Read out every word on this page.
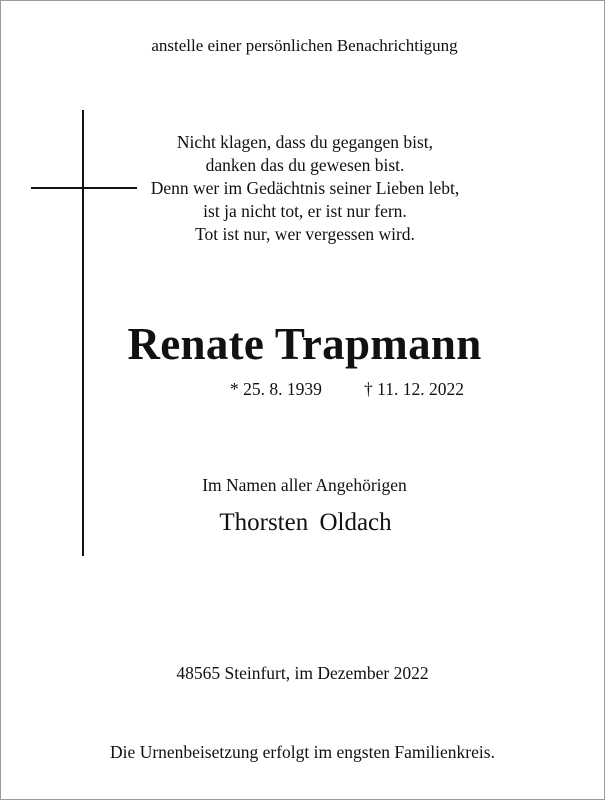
anstelle einer persönlichen Benachrichtigung
Nicht klagen, dass du gegangen bist,
danken das du gewesen bist.
Denn wer im Gedächtnis seiner Lieben lebt,
ist ja nicht tot, er ist nur fern.
Tot ist nur, wer vergessen wird.
Renate Trapmann
* 25. 8. 1939 † 11. 12. 2022
Im Namen aller Angehörigen
Thorsten Oldach
48565 Steinfurt, im Dezember 2022
Die Urnenbeisetzung erfolgt im engsten Familienkreis.
